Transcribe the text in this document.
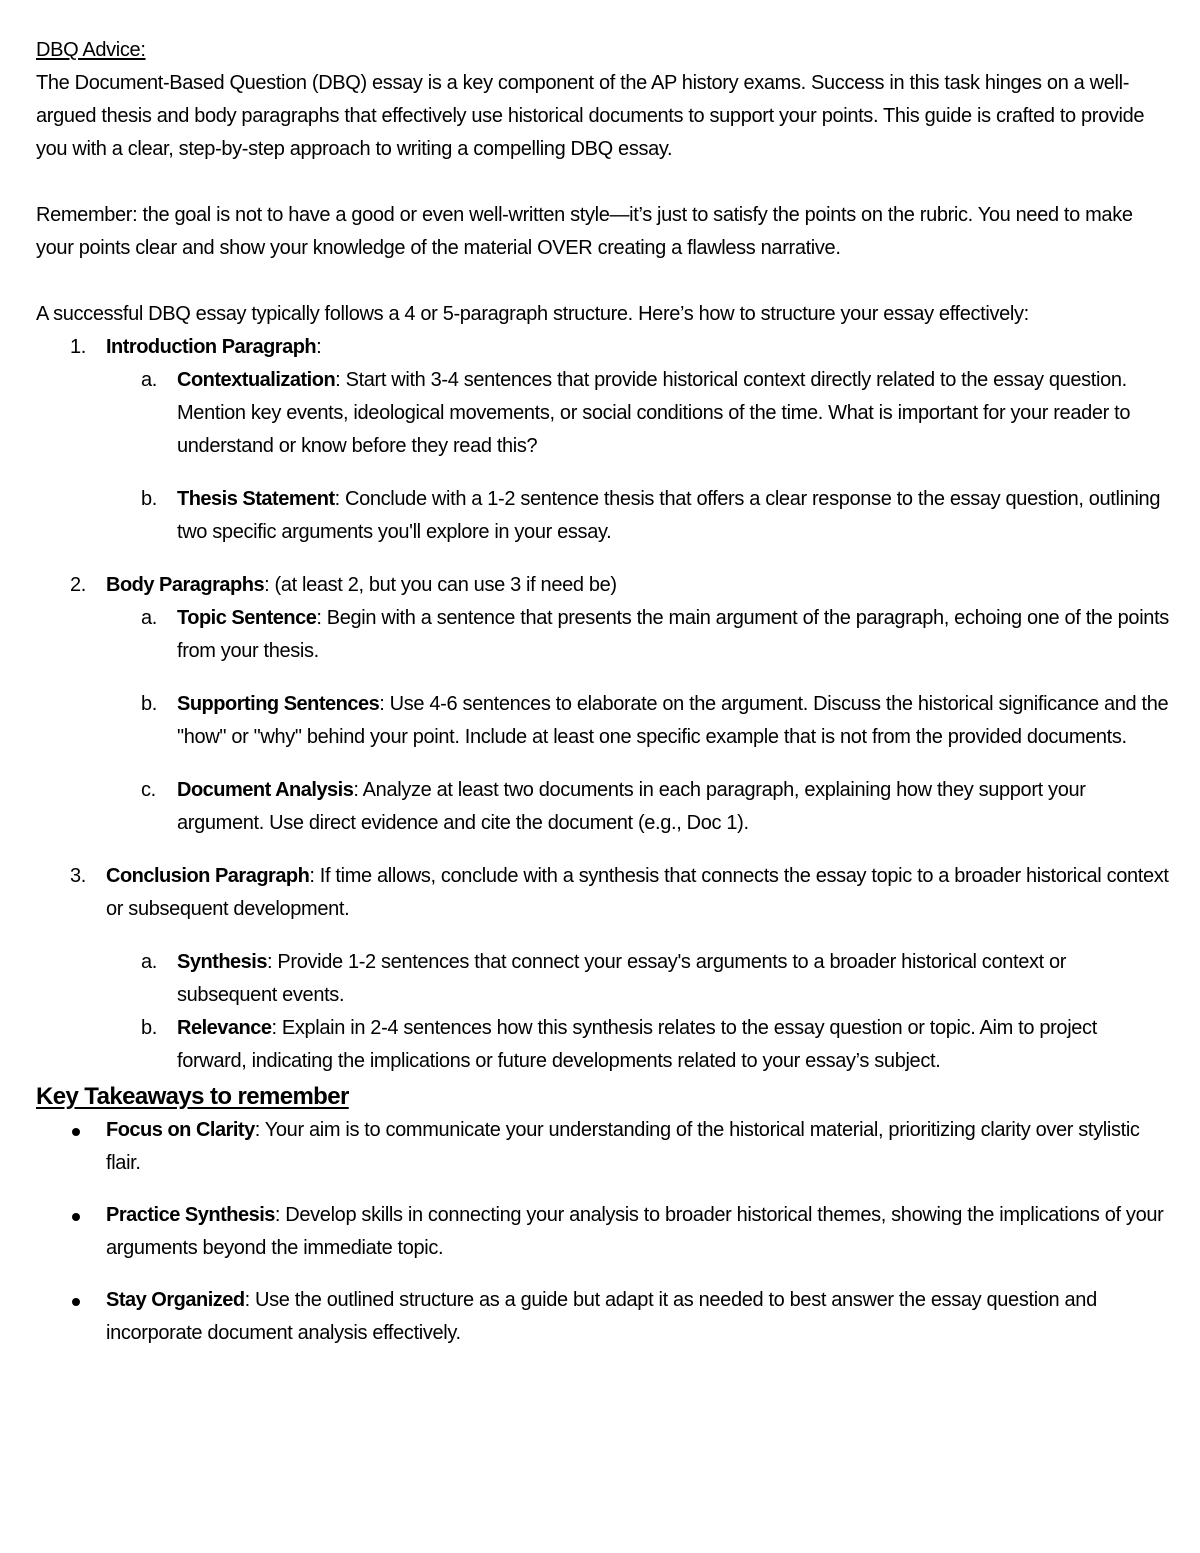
DBQ Advice:

The Document-Based Question (DBQ) essay is a key component of the AP history exams. Success in this task hinges on a well-argued thesis and body paragraphs that effectively use historical documents to support your points. This guide is crafted to provide you with a clear, step-by-step approach to writing a compelling DBQ essay.

Remember: the goal is not to have a good or even well-written style—it’s just to satisfy the points on the rubric. You need to make your points clear and show your knowledge of the material OVER creating a flawless narrative.

A successful DBQ essay typically follows a 4 or 5-paragraph structure. Here’s how to structure your essay effectively:

1. Introduction Paragraph:
a. Contextualization: Start with 3-4 sentences that provide historical context directly related to the essay question. Mention key events, ideological movements, or social conditions of the time. What is important for your reader to understand or know before they read this?
b. Thesis Statement: Conclude with a 1-2 sentence thesis that offers a clear response to the essay question, outlining two specific arguments you'll explore in your essay.
2. Body Paragraphs: (at least 2, but you can use 3 if need be)
a. Topic Sentence: Begin with a sentence that presents the main argument of the paragraph, echoing one of the points from your thesis.
b. Supporting Sentences: Use 4-6 sentences to elaborate on the argument. Discuss the historical significance and the "how" or "why" behind your point. Include at least one specific example that is not from the provided documents.
c. Document Analysis: Analyze at least two documents in each paragraph, explaining how they support your argument. Use direct evidence and cite the document (e.g., Doc 1).
3. Conclusion Paragraph: If time allows, conclude with a synthesis that connects the essay topic to a broader historical context or subsequent development.
a. Synthesis: Provide 1-2 sentences that connect your essay's arguments to a broader historical context or subsequent events.
b. Relevance: Explain in 2-4 sentences how this synthesis relates to the essay question or topic. Aim to project forward, indicating the implications or future developments related to your essay’s subject.

Key Takeaways to remember

Focus on Clarity: Your aim is to communicate your understanding of the historical material, prioritizing clarity over stylistic flair.
Practice Synthesis: Develop skills in connecting your analysis to broader historical themes, showing the implications of your arguments beyond the immediate topic.
Stay Organized: Use the outlined structure as a guide but adapt it as needed to best answer the essay question and incorporate document analysis effectively.
